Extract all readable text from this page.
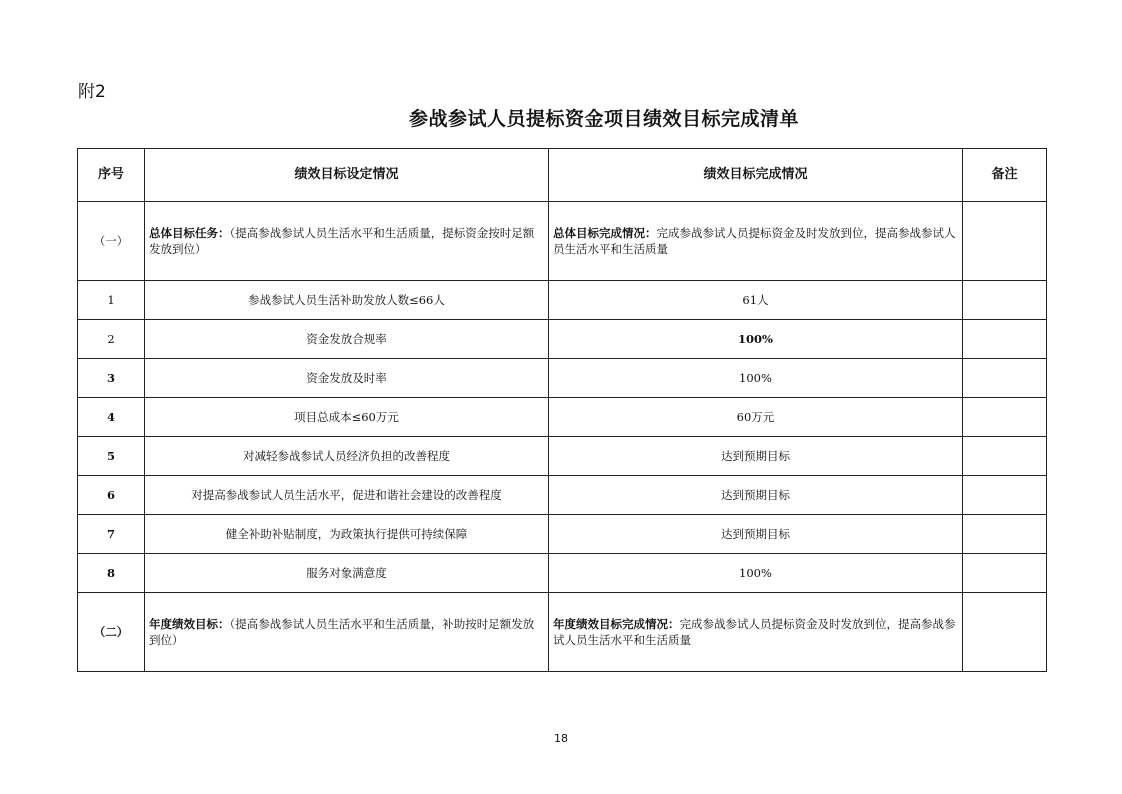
附2
参战参试人员提标资金项目绩效目标完成清单
序号	绩效目标设定情况	绩效目标完成情况	备注
（一）	总体目标任务：（提高参战参试人员生活水平和生活质量，提标资金按时足额发放到位）	总体目标完成情况：完成参战参试人员提标资金及时发放到位，提高参战参试人员生活水平和生活质量	
1	参战参试人员生活补助发放人数≤66人	61人	
2	资金发放合规率	100%	
3	资金发放及时率	100%	
4	项目总成本≤60万元	60万元	
5	对减轻参战参试人员经济负担的改善程度	达到预期目标	
6	对提高参战参试人员生活水平，促进和谐社会建设的改善程度	达到预期目标	
7	健全补助补贴制度，为政策执行提供可持续保障	达到预期目标	
8	服务对象满意度	100%	
（二）	年度绩效目标：（提高参战参试人员生活水平和生活质量，补助按时足额发放到位）	年度绩效目标完成情况：完成参战参试人员提标资金及时发放到位，提高参战参试人员生活水平和生活质量	
18
